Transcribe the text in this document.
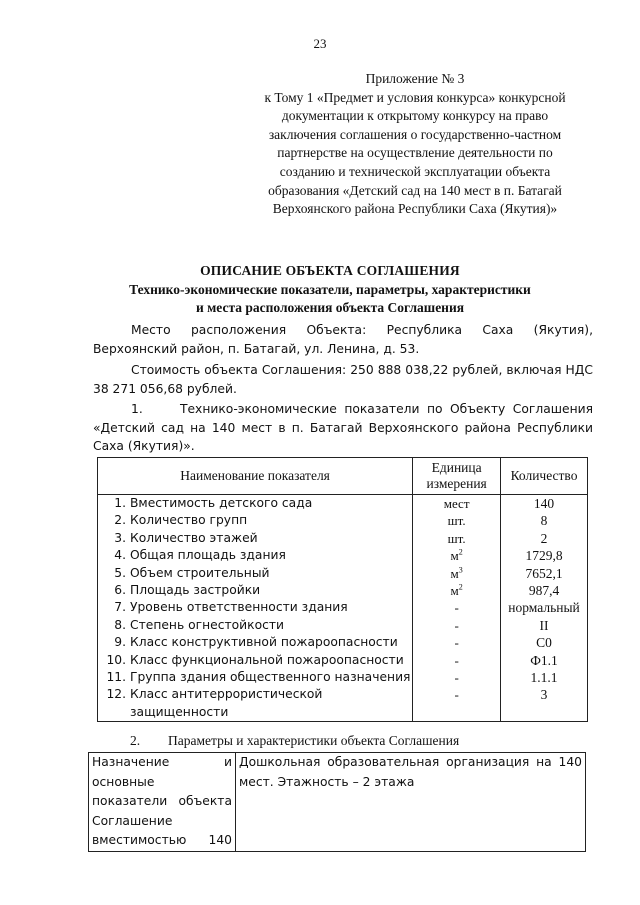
23
Приложение № 3
к Тому 1 «Предмет и условия конкурса» конкурсной
документации к открытому конкурсу на право
заключения соглашения о государственно-частном
партнерстве на осуществление деятельности по
созданию и технической эксплуатации объекта
образования «Детский сад на 140 мест в п. Батагай
Верхоянского района Республики Саха (Якутия)»
ОПИСАНИЕ ОБЪЕКТА СОГЛАШЕНИЯ
Технико-экономические показатели, параметры, характеристики
и места расположения объекта Соглашения
Место расположения Объекта: Республика Саха (Якутия), Верхоянский район, п. Батагай, ул. Ленина, д. 53.
Стоимость объекта Соглашения: 250 888 038,22 рублей, включая НДС 38 271 056,68 рублей.
1.	Технико-экономические показатели по Объекту Соглашения «Детский сад на 140 мест в п. Батагай Верхоянского района Республики Саха (Якутия)».
Наименование показателя	Единица измерения	Количество
1. Вместимость детского сада	мест	140
2. Количество групп	шт.	8
3. Количество этажей	шт.	2
4. Общая площадь здания	$м^2$	1729,8
5. Объем строительный	$м^3$	7652,1
6. Площадь застройки	$м^2$	987,4
7. Уровень ответственности здания	-	нормальный
8. Степень огнестойкости	-	II
9. Класс конструктивной пожароопасности	-	С0
10. Класс функциональной пожароопасности	-	Ф1.1
11. Группа здания общественного назначения	-	1.1.1
12. Класс антитеррористической
защищенности	-	3
2. Параметры и характеристики объекта Соглашения
Назначение и основные показатели объекта Соглашение вместимостью 140	Дошкольная образовательная организация на 140 мест. Этажность – 2 этажа
